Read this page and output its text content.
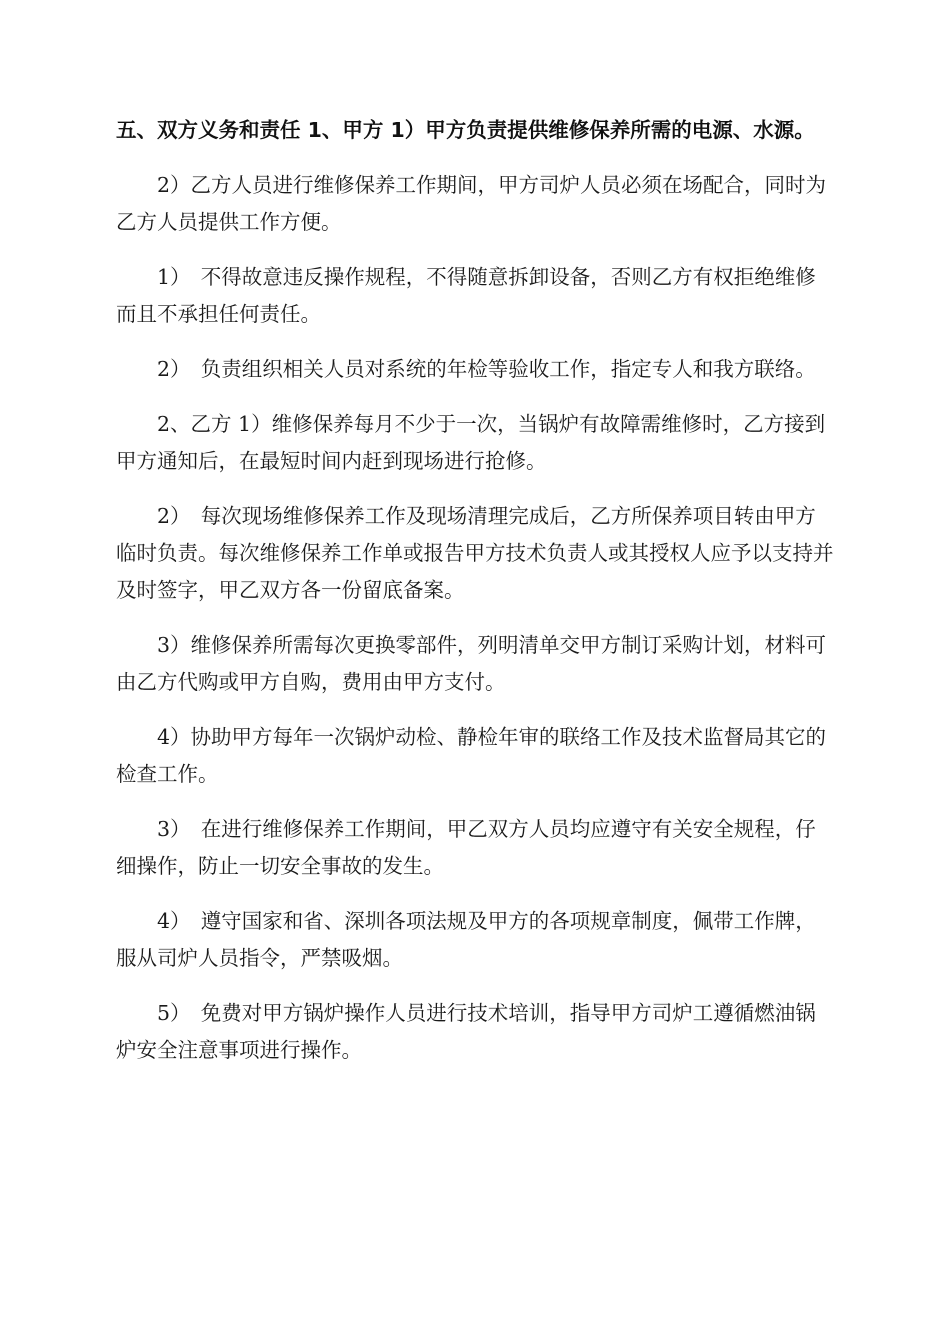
五、双方义务和责任 1、甲方 1）甲方负责提供维修保养所需的电源、水源。

2）乙方人员进行维修保养工作期间，甲方司炉人员必须在场配合，同时为乙方人员提供工作方便。

1）　不得故意违反操作规程，不得随意拆卸设备，否则乙方有权拒绝维修而且不承担任何责任。

2）　负责组织相关人员对系统的年检等验收工作，指定专人和我方联络。

2、乙方 1）维修保养每月不少于一次，当锅炉有故障需维修时，乙方接到甲方通知后，在最短时间内赶到现场进行抢修。

2）　每次现场维修保养工作及现场清理完成后，乙方所保养项目转由甲方临时负责。每次维修保养工作单或报告甲方技术负责人或其授权人应予以支持并及时签字，甲乙双方各一份留底备案。

3）维修保养所需每次更换零部件，列明清单交甲方制订采购计划，材料可由乙方代购或甲方自购，费用由甲方支付。

4）协助甲方每年一次锅炉动检、静检年审的联络工作及技术监督局其它的检查工作。

3）　在进行维修保养工作期间，甲乙双方人员均应遵守有关安全规程，仔细操作，防止一切安全事故的发生。

4）　遵守国家和省、深圳各项法规及甲方的各项规章制度，佩带工作牌，服从司炉人员指令，严禁吸烟。

5）　免费对甲方锅炉操作人员进行技术培训，指导甲方司炉工遵循燃油锅炉安全注意事项进行操作。
